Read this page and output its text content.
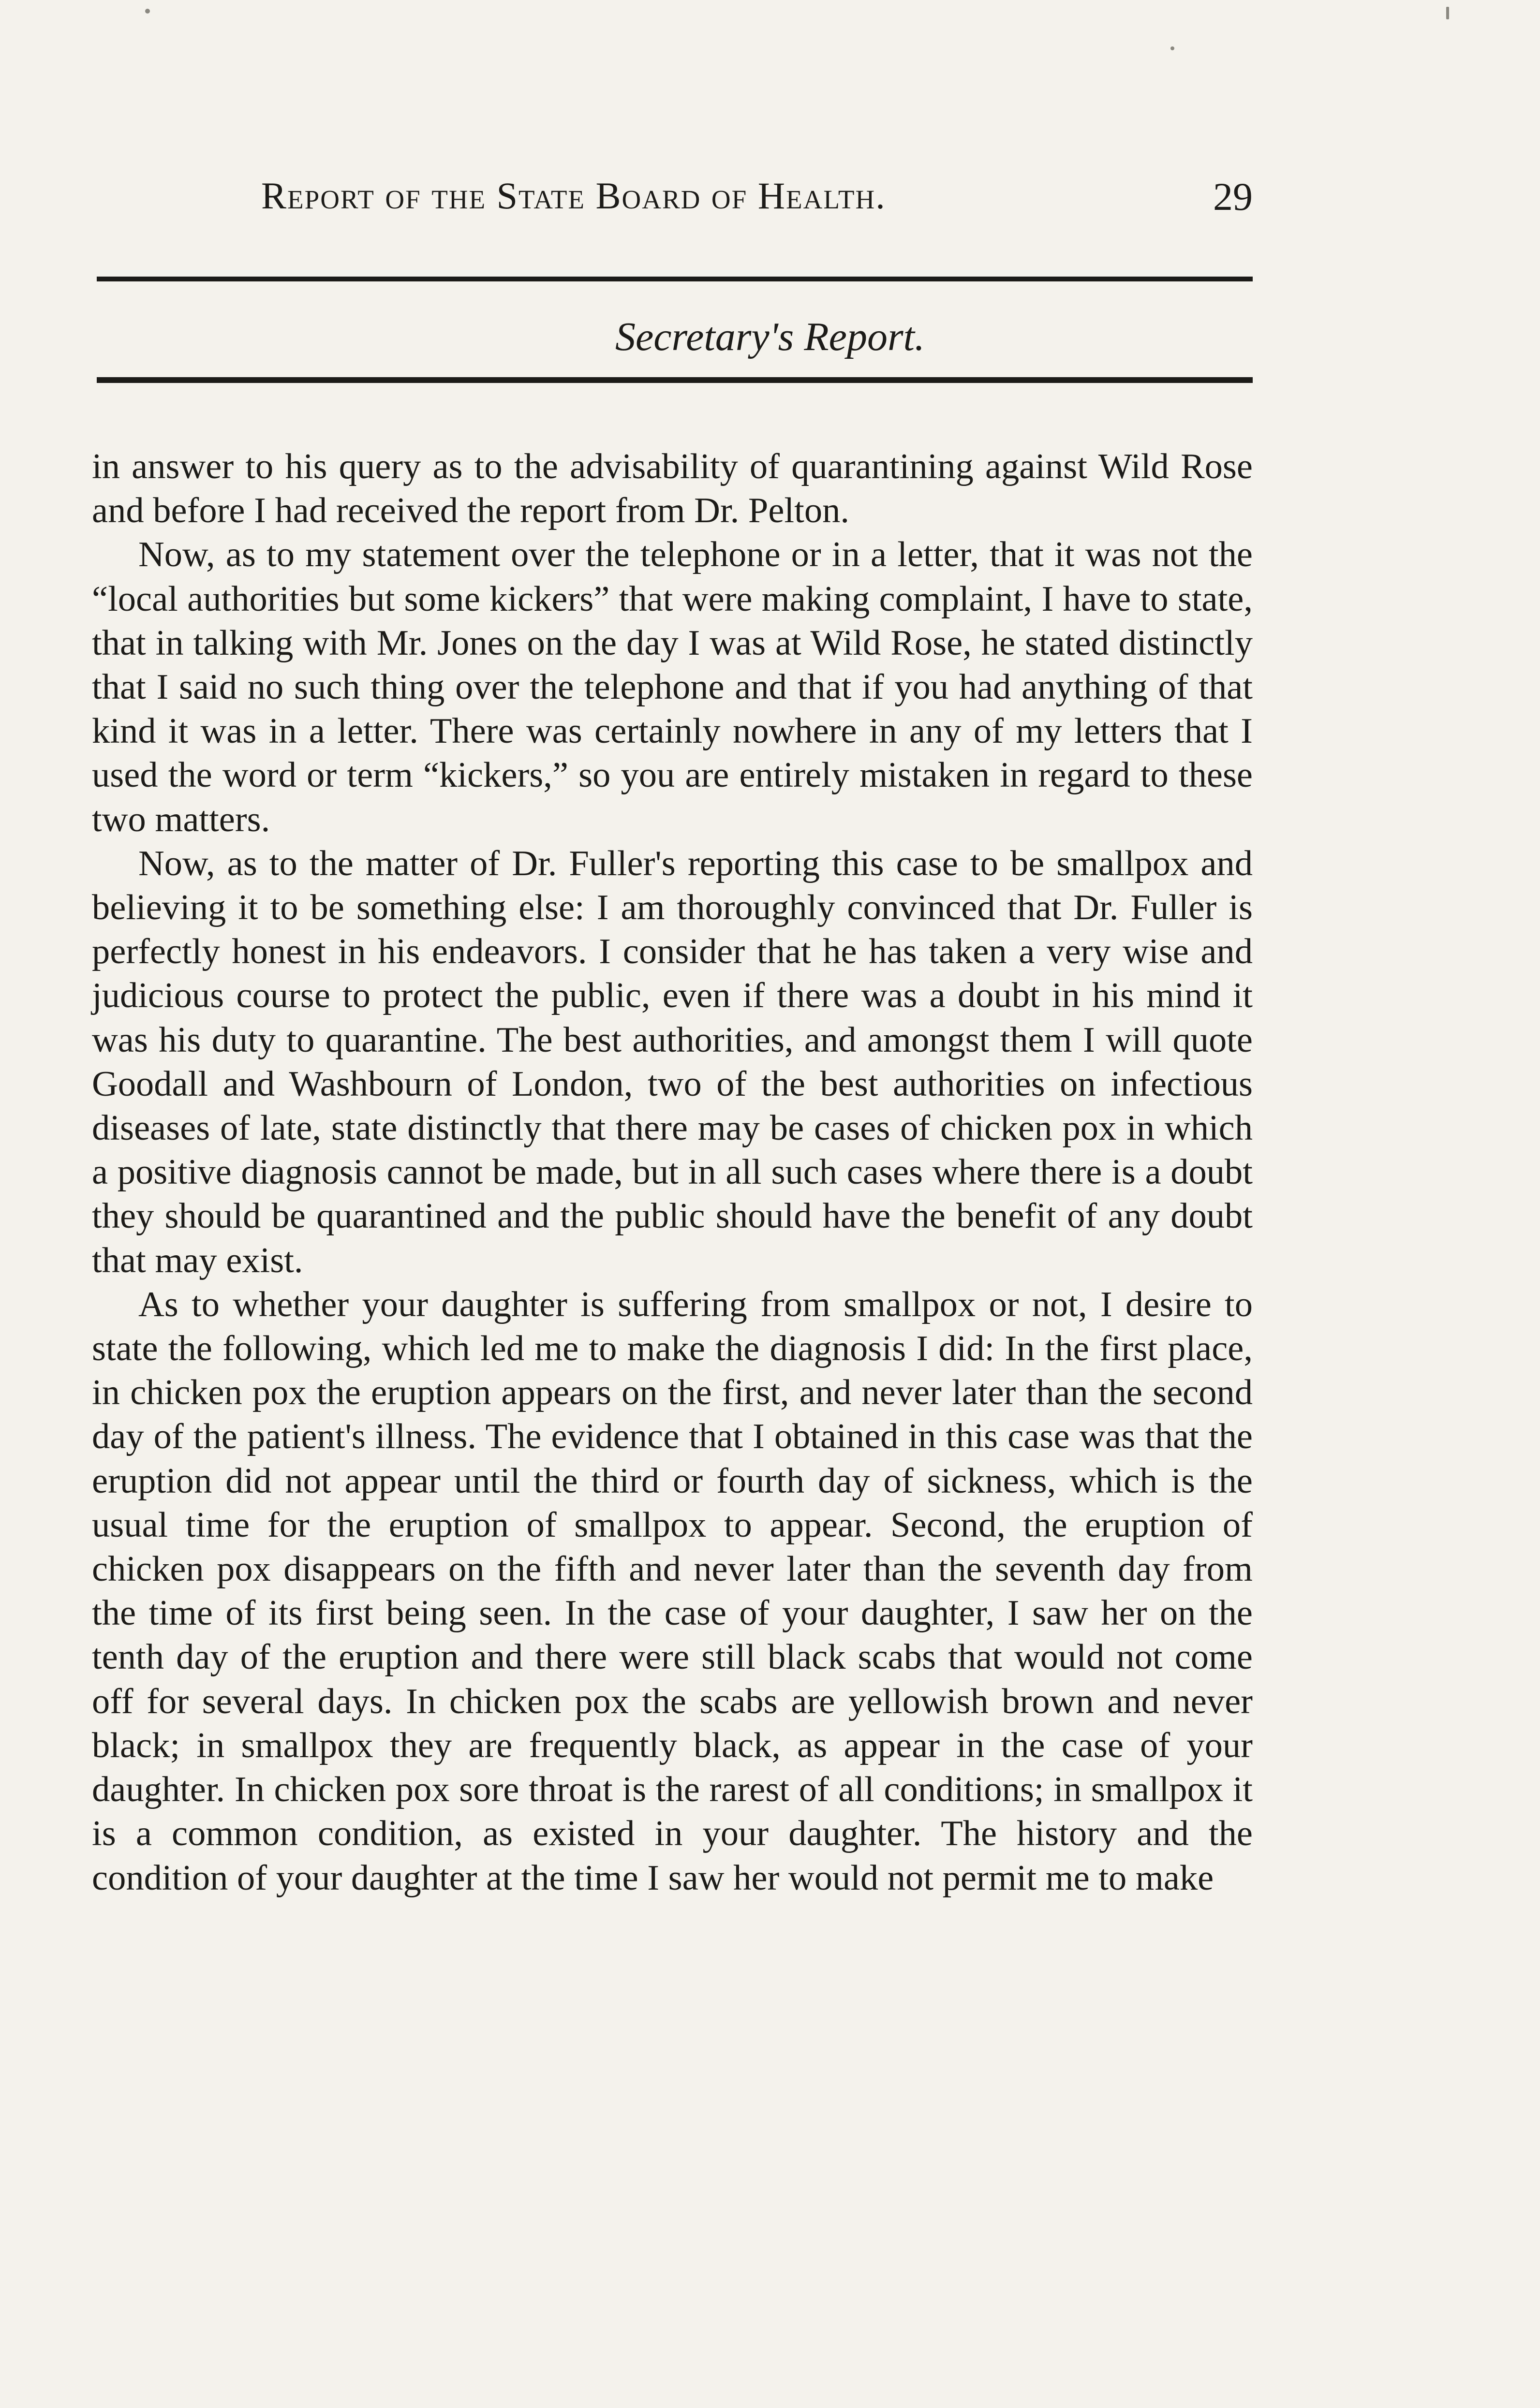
Report of the State Board of Health.	29
Secretary's Report.

in answer to his query as to the advisability of quarantining against Wild Rose and before I had received the report from Dr. Pelton.

Now, as to my statement over the telephone or in a letter, that it was not the “local authorities but some kickers” that were making complaint, I have to state, that in talking with Mr. Jones on the day I was at Wild Rose, he stated distinctly that I said no such thing over the telephone and that if you had anything of that kind it was in a letter. There was certainly nowhere in any of my letters that I used the word or term “kickers,” so you are entirely mistaken in regard to these two matters.

Now, as to the matter of Dr. Fuller's reporting this case to be smallpox and believing it to be something else: I am thoroughly convinced that Dr. Fuller is perfectly honest in his endeavors. I consider that he has taken a very wise and judicious course to protect the public, even if there was a doubt in his mind it was his duty to quarantine. The best authorities, and amongst them I will quote Goodall and Washbourn of London, two of the best authorities on infectious diseases of late, state distinctly that there may be cases of chicken pox in which a positive diagnosis cannot be made, but in all such cases where there is a doubt they should be quarantined and the public should have the benefit of any doubt that may exist.

As to whether your daughter is suffering from smallpox or not, I desire to state the following, which led me to make the diagnosis I did: In the first place, in chicken pox the eruption appears on the first, and never later than the second day of the patient's illness. The evidence that I obtained in this case was that the eruption did not appear until the third or fourth day of sickness, which is the usual time for the eruption of smallpox to appear. Second, the eruption of chicken pox disappears on the fifth and never later than the seventh day from the time of its first being seen. In the case of your daughter, I saw her on the tenth day of the eruption and there were still black scabs that would not come off for several days. In chicken pox the scabs are yellowish brown and never black; in smallpox they are frequently black, as appear in the case of your daughter. In chicken pox sore throat is the rarest of all conditions; in smallpox it is a common condition, as existed in your daughter. The history and the condition of your daughter at the time I saw her would not permit me to make
